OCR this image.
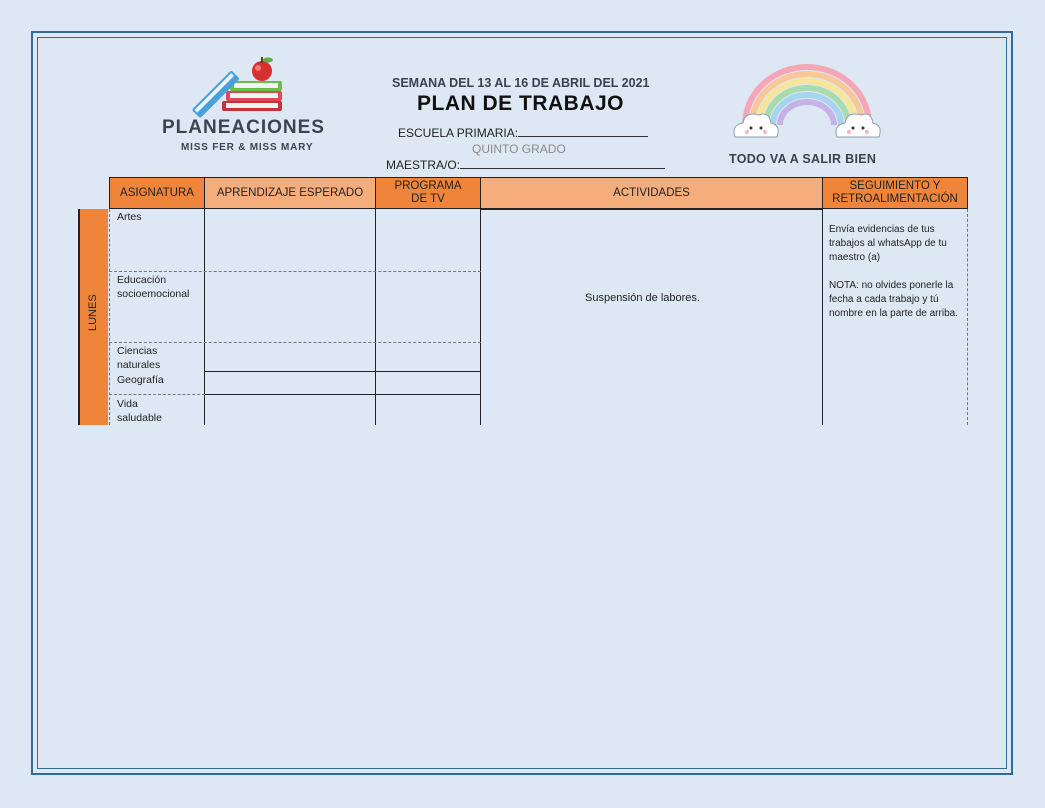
PLANEACIONES
MISS FER & MISS MARY
SEMANA DEL 13 AL 16 DE ABRIL DEL 2021
PLAN DE TRABAJO
ESCUELA PRIMARIA:
QUINTO GRADO
MAESTRA/O:	TODO VA A SALIR BIEN
ASIGNATURA	APRENDIZAJE ESPERADO
PROGRAMA DE TV
ACTIVIDADES
SEGUIMIENTO Y RETROALIMENTACIÓN
LUNES
Artes
Educación
socioemocional
Ciencias
naturales
Geografía
Vida
saludable
Suspensión de labores.

Envía evidencias de tus trabajos al whatsApp de tu maestro (a)

NOTA: no olvides ponerle la fecha a cada trabajo y tú nombre en la parte de arriba.
